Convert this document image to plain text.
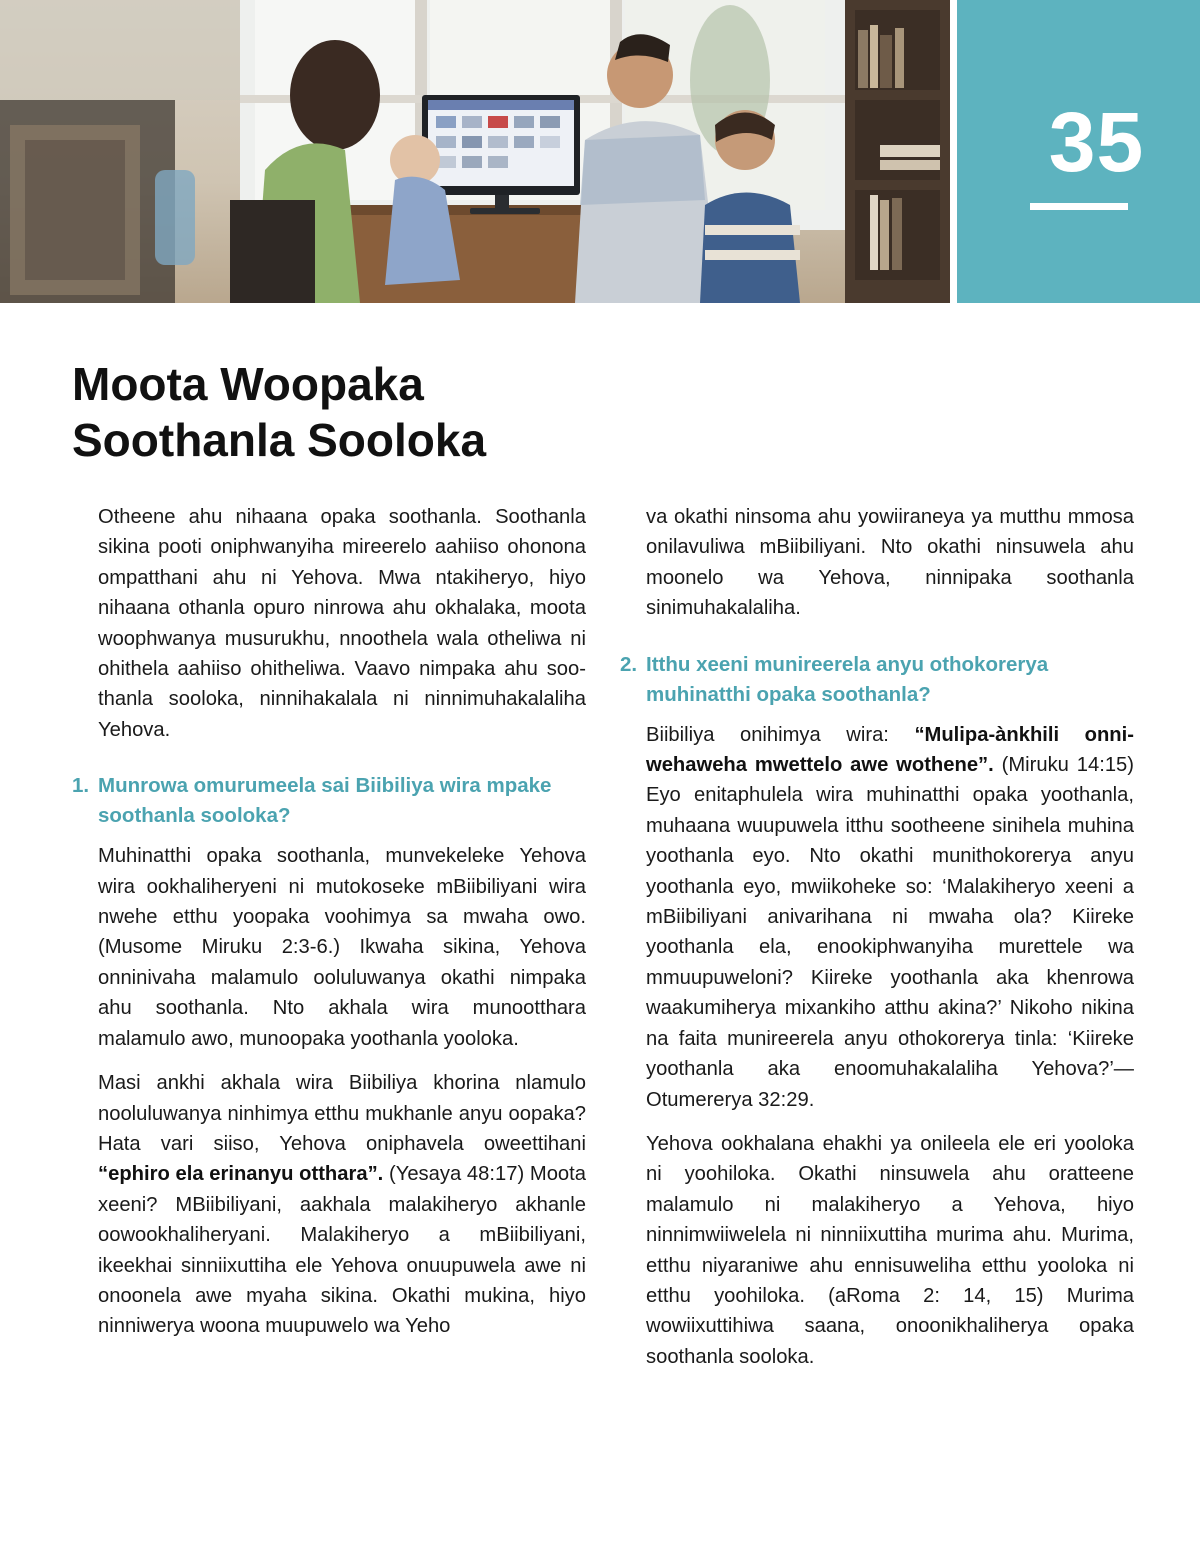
35
Moota Woopaka
Soothanla Sooloka

Otheene ahu nihaana opaka soothanla. Soothanla sikina pooti oniphwanyiha mireerelo aahiiso ohonona ompatthani ahu ni Yehova. Mwa ntakiheryo, hiyo nihaana othanla opuro ninrowa ahu okhalaka, moota woophwanya musurukhu, nnoothela wala otheliwa ni ohithela aahiiso ohitheliwa. Vaavo nimpaka ahu soothanla sooloka, ninnihakalala ni ninnimuhakalaliha Yehova.

1. Munrowa omurumeela sai Biibiliya wira mpake soothanla sooloka?

Muhinatthi opaka soothanla, munvekeleke Yehova wira ookhaliheryeni ni mutokoseke mBiibiliyani wira nwehe etthu yoopaka voohimya sa mwaha owo. (Musome Miruku 2:3-6.) Ikwaha sikina, Yehova onninivaha malamulo ooluluwanya okathi nimpaka ahu soothanla. Nto akhala wira munootthara malamulo awo, munoopaka yoothanla yooloka.

Masi ankhi akhala wira Biibiliya khorina nlamulo nooluluwanya ninhimya etthu mukhanle anyu oopaka? Hata vari siiso, Yehova oniphavela oweettihani “ephiro ela erinanyu otthara”. (Yesaya 48:17) Moota xeeni? MBiibiliyani, aakhala malakiheryo akhanle oowookhaliheryani. Malakiheryo a mBiibiliyani, ikeekhai sinniixuttiha ele Yehova onuupuwela awe ni onoonela awe myaha sikina. Okathi mukina, hiyo ninniwerya woona muupuwelo wa Yeho

va okathi ninsoma ahu yowiiraneya ya mutthu mmosa onilavuliwa mBiibiliyani. Nto okathi ninsuwela ahu moonelo wa Yehova, ninnipaka soothanla sinimuhakalaliha.

2. Itthu xeeni munireerela anyu othokorerya muhinatthi opaka soothanla?

Biibiliya onihimya wira: “Mulipa-ànkhili onniwehaweha mwettelo awe wothene”. (Miruku 14:15) Eyo enitaphulela wira muhinatthi opaka yoothanla, muhaana wuupuwela itthu sootheene sinihela muhina yoothanla eyo. Nto okathi munithokorerya anyu yoothanla eyo, mwiikoheke so: ‘Malakiheryo xeeni a mBiibiliyani anivarihana ni mwaha ola? Kiireke yoothanla ela, enookiphwanyiha murettele wa mmuupuweloni? Kiireke yoothanla aka khenrowa waakumiherya mixankiho atthu akina?’ Nikoho nikina na faita munireerela anyu othokorerya tinla: ‘Kiireke yoothanla aka enoomuhakalaliha Yehova?’—Otumererya 32:29.

Yehova ookhalana ehakhi ya onileela ele eri yooloka ni yoohiloka. Okathi ninsuwela ahu oratteene malamulo ni malakiheryo a Yehova, hiyo ninnimwiiwelela ni ninniixuttiha murima ahu. Murima, etthu niyaraniwe ahu ennisuweliha etthu yooloka ni etthu yoohiloka. (aRoma 2: 14, 15) Murima wowiixuttihiwa saana, onoonikhaliherya opaka soothanla sooloka.
